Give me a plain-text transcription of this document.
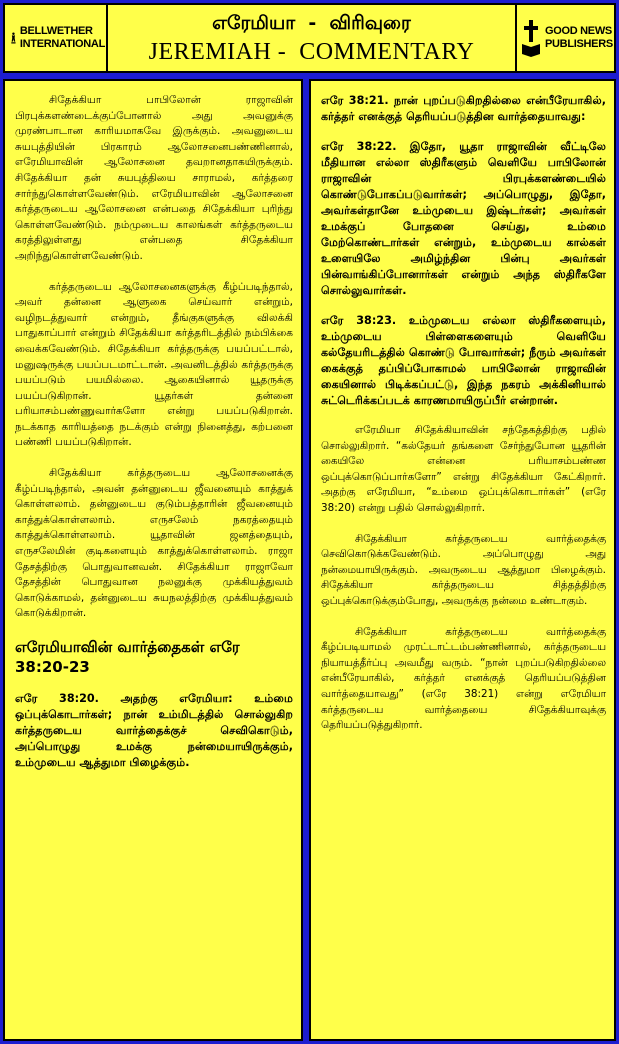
BELLWETHER
INTERNATIONAL
எரேமியா  -  விரிவுரை
JEREMIAH -  COMMENTARY
GOOD NEWS
PUBLISHERS

சிதேக்கியா பாபிலோன் ராஜாவின் பிரபுக்களண்டைக்குப்போனால் அது அவனுக்கு முரண்பாடான காரியமாகவே இருக்கும். அவனுடைய சுயபுத்தியின் பிரகாரம் ஆலோசனைபண்ணினால், எரேமியாவின் ஆலோசனை தவறானதாகயிருக்கும். சிதேக்கியா தன் சுயபுத்தியை சாராமல், கர்த்தரை சார்ந்துகொள்ளவேண்டும். எரேமியாவின் ஆலோசனை கர்த்தருடைய ஆலோசனை என்பதை சிதேக்கியா புரிந்து கொள்ளவேண்டும். நம்முடைய காலங்கள் கர்த்தருடைய கரத்திலுள்ளது என்பதை சிதேக்கியா அறிந்துகொள்ளவேண்டும்.

கர்த்தருடைய ஆலோசனைகளுக்கு கீழ்ப்படிந்தால், அவர் தன்னை ஆளுகை செய்வார் என்றும், வழிநடத்துவார் என்றும், தீங்குகளுக்கு விலக்கி பாதுகாப்பார் என்றும் சிதேக்கியா கர்த்தரிடத்தில் நம்பிக்கை வைக்கவேண்டும். சிதேக்கியா கர்த்தருக்கு பயப்பட்டால், மனுஷருக்கு பயப்படமாட்டான். அவனிடத்தில் கர்த்தருக்கு பயப்படும் பயமில்லை. ஆகையினால் யூதருக்கு பயப்படுகிறான். யூதர்கள் தன்னை பரியாசம்பண்ணுவார்களோ என்று பயப்படுகிறான். நடக்காத காரியத்தை நடக்கும் என்று நினைத்து, கற்பனை பண்ணி பயப்படுகிறான்.

சிதேக்கியா கர்த்தருடைய ஆலோசனைக்கு கீழ்ப்படிந்தால், அவன் தன்னுடைய ஜீவனையும் காத்துக் கொள்ளலாம். தன்னுடைய குடும்பத்தாரின் ஜீவனையும் காத்துக்கொள்ளலாம். எருசலேம் நகரத்தையும் காத்துக்கொள்ளலாம். யூதாவின் ஜனத்தையும், எருசலேமின் குடிகளையும் காத்துக்கொள்ளலாம். ராஜா தேசத்திற்கு பொதுவானவன். சிதேக்கியா ராஜாவோ தேசத்தின் பொதுவான நலனுக்கு முக்கியத்துவம் கொடுக்காமல், தன்னுடைய சுயநலத்திற்கு முக்கியத்துவம் கொடுக்கிறான்.

எரேமியாவின் வார்த்தைகள் எரே 38:20-23

எரே 38:20. அதற்கு எரேமியா: உம்மை ஒப்புக்கொடார்கள்; நான் உம்மிடத்தில் சொல்லுகிற கர்த்தருடைய வார்த்தைக்குச் செவிகொடும், அப்பொழுது உமக்கு நன்மையாயிருக்கும், உம்முடைய ஆத்துமா பிழைக்கும்.

எரே 38:21. நான் புறப்படுகிறதில்லை என்பீரேயாகில், கர்த்தர் எனக்குத் தெரியப்படுத்தின வார்த்தையாவது:

எரே 38:22. இதோ, யூதா ராஜாவின் வீட்டிலே மீதியான எல்லா ஸ்திரீகளும் வெளியே பாபிலோன் ராஜாவின் பிரபுக்களண்டையில் கொண்டுபோகப்படுவார்கள்; அப்பொழுது, இதோ, அவர்கள்தானே உம்முடைய இஷ்டர்கள்; அவர்கள் உமக்குப் போதனை செய்து, உம்மை மேற்கொண்டார்கள் என்றும், உம்முடைய கால்கள் உளையிலே அமிழ்ந்தின பின்பு அவர்கள் பின்வாங்கிப்போனார்கள் என்றும் அந்த ஸ்திரீகளே சொல்லுவார்கள்.

எரே 38:23. உம்முடைய எல்லா ஸ்திரீகளையும், உம்முடைய பிள்ளைகளையும் வெளியே கல்தேயரிடத்தில் கொண்டு போவார்கள்; நீரும் அவர்கள் கைக்குத் தப்பிப்போகாமல் பாபிலோன் ராஜாவின் கையினால் பிடிக்கப்பட்டு, இந்த நகரம் அக்கினியால் சுட்டெரிக்கப்படக் காரணமாயிருப்பீர் என்றான்.

எரேமியா சிதேக்கியாவின் சந்தேகத்திற்கு பதில் சொல்லுகிறார். “கல்தேயர் தங்களை சேர்ந்துபோன யூதரின் கையிலே என்னை பரியாசம்பண்ண ஒப்புக்கொடுப்பார்களோ” என்று சிதேக்கியா கேட்கிறார். அதற்கு எரேமியா, “உம்மை ஒப்புக்கொடார்கள்” (எரே 38:20) என்று பதில் சொல்லுகிறார்.

சிதேக்கியா கர்த்தருடைய வார்த்தைக்கு செவிகொடுக்கவேண்டும். அப்பொழுது அது நன்மையாயிருக்கும். அவருடைய ஆத்துமா பிழைக்கும். சிதேக்கியா கர்த்தருடைய சித்தத்திற்கு ஒப்புக்கொடுக்கும்போது, அவருக்கு நன்மை உண்டாகும்.

சிதேக்கியா கர்த்தருடைய வார்த்தைக்கு கீழ்ப்படியாமல் முரட்டாட்டம்பண்ணினால், கர்த்தருடைய நியாயத்தீர்ப்பு அவமீது வரும். “நான் புறப்படுகிறதில்லை என்பீரேயாகில், கர்த்தர் எனக்குத் தெரியப்படுத்தின வார்த்தையாவது” (எரே 38:21) என்று எரேமியா கர்த்தருடைய வார்த்தையை சிதேக்கியாவுக்கு தெரியப்படுத்துகிறார்.
